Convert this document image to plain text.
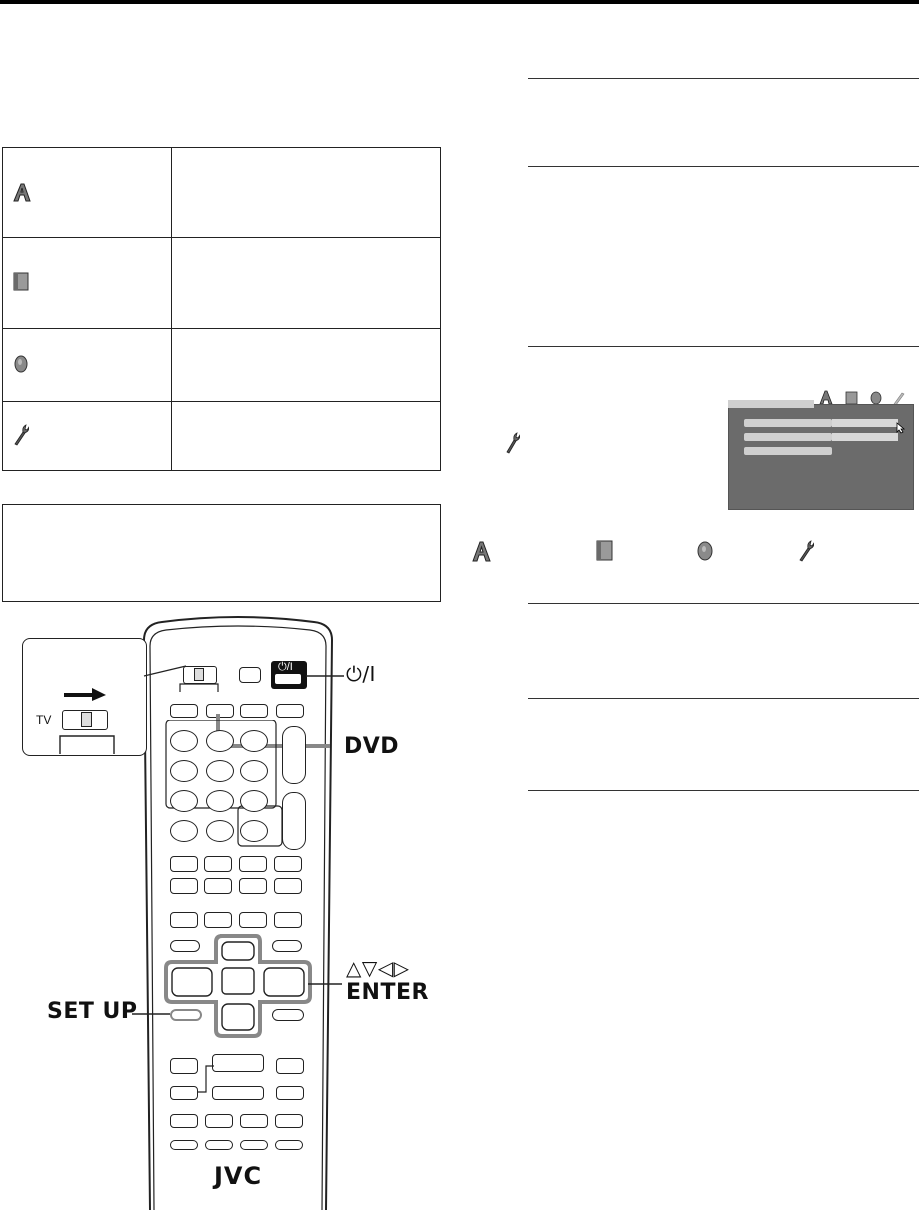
TV
⏻/I	⏻/I
DVD
△▽◁▷
ENTER
SET UP
JVC
